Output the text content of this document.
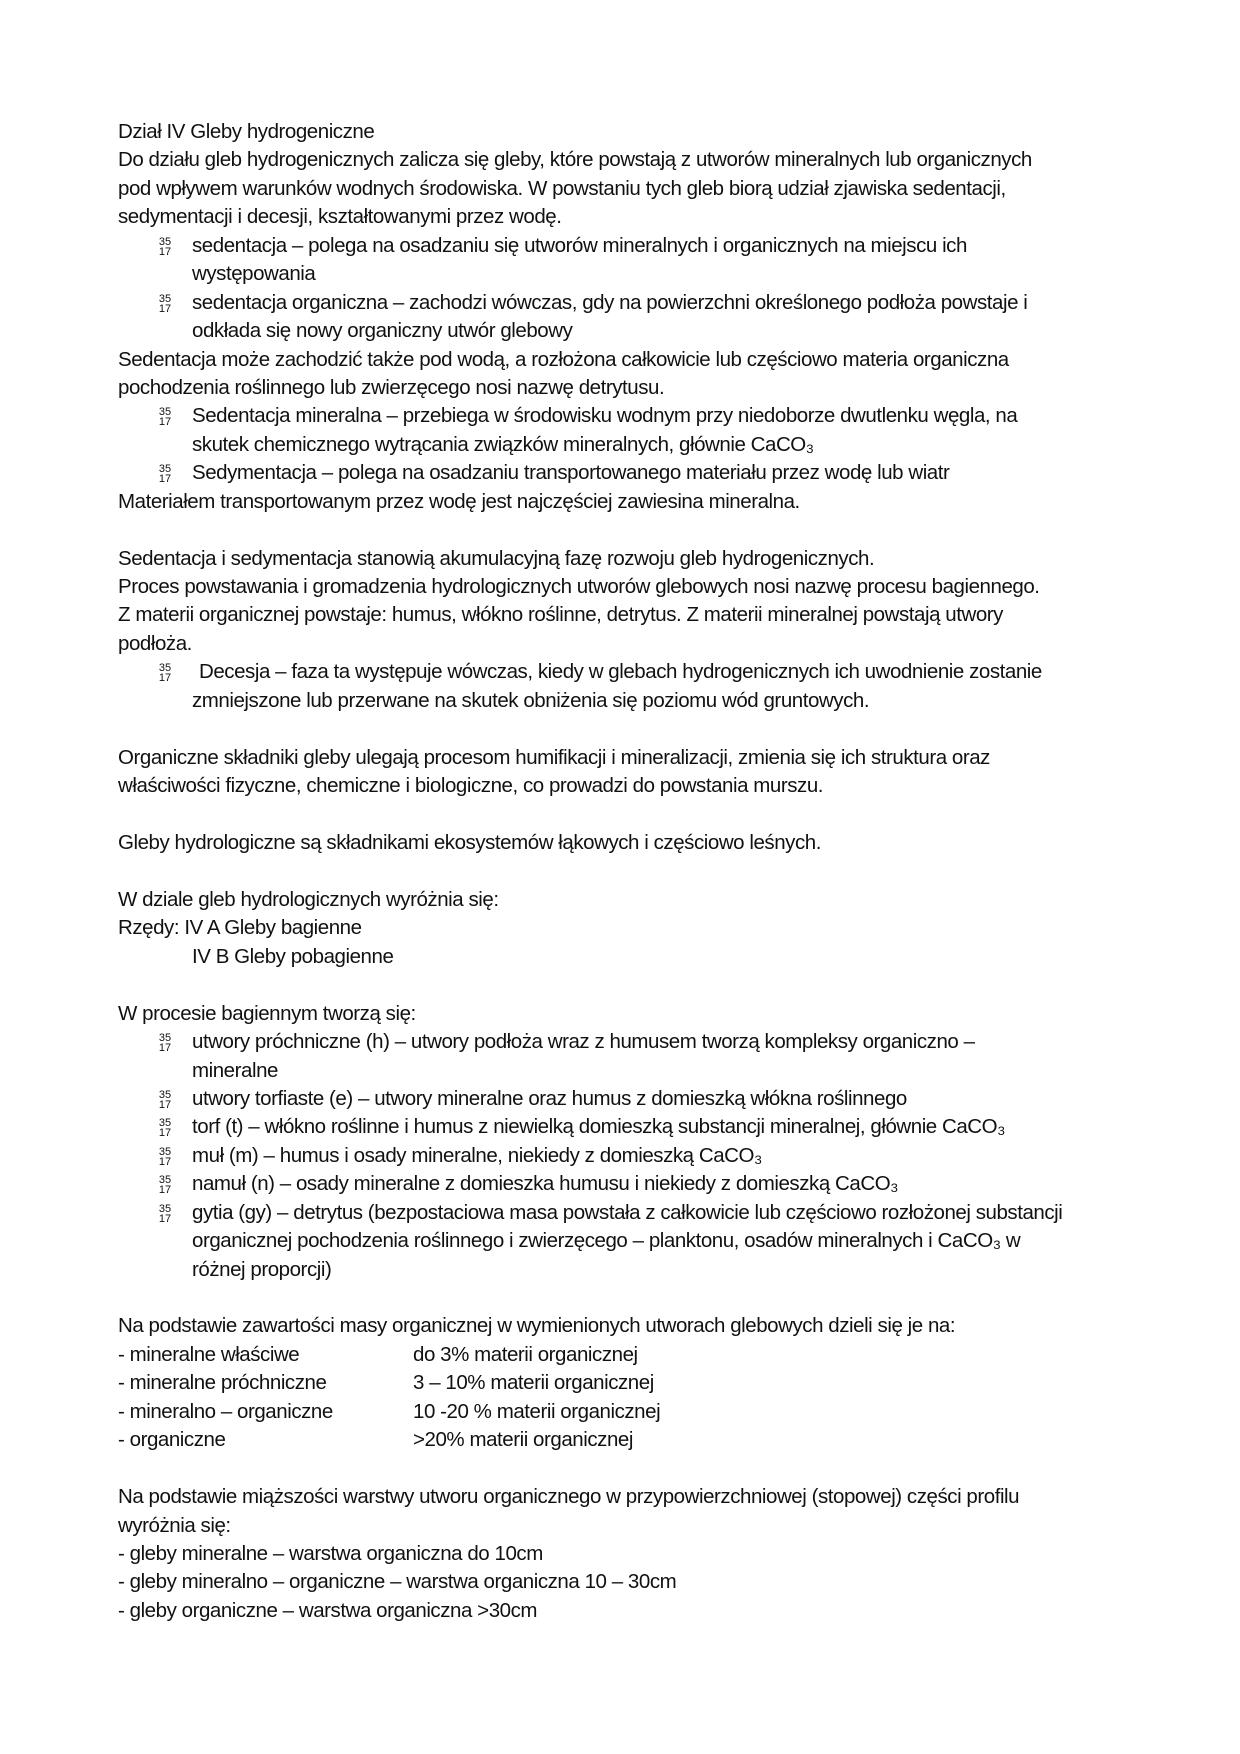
Dział IV Gleby hydrogeniczne
Do działu gleb hydrogenicznych zalicza się gleby, które powstają z utworów mineralnych lub organicznych
pod wpływem warunków wodnych środowiska. W powstaniu tych gleb biorą udział zjawiska sedentacji,
sedymentacji i decesji, kształtowanymi przez wodę.
35
17 sedentacja – polega na osadzaniu się utworów mineralnych i organicznych na miejscu ich
występowania
35
17 sedentacja organiczna – zachodzi wówczas, gdy na powierzchni określonego podłoża powstaje i
odkłada się nowy organiczny utwór glebowy
Sedentacja może zachodzić także pod wodą, a rozłożona całkowicie lub częściowo materia organiczna
pochodzenia roślinnego lub zwierzęcego nosi nazwę detrytusu.
35
17 Sedentacja mineralna – przebiega w środowisku wodnym przy niedoborze dwutlenku węgla, na
skutek chemicznego wytrącania związków mineralnych, głównie CaCO₃
35
17 Sedymentacja – polega na osadzaniu transportowanego materiału przez wodę lub wiatr
Materiałem transportowanym przez wodę jest najczęściej zawiesina mineralna.
Sedentacja i sedymentacja stanowią akumulacyjną fazę rozwoju gleb hydrogenicznych.
Proces powstawania i gromadzenia hydrologicznych utworów glebowych nosi nazwę procesu bagiennego.
Z materii organicznej powstaje: humus, włókno roślinne, detrytus. Z materii mineralnej powstają utwory
podłoża.
35
17 Decesja – faza ta występuje wówczas, kiedy w glebach hydrogenicznych ich uwodnienie zostanie
zmniejszone lub przerwane na skutek obniżenia się poziomu wód gruntowych.
Organiczne składniki gleby ulegają procesom humifikacji i mineralizacji, zmienia się ich struktura oraz
właściwości fizyczne, chemiczne i biologiczne, co prowadzi do powstania murszu.
Gleby hydrologiczne są składnikami ekosystemów łąkowych i częściowo leśnych.
W dziale gleb hydrologicznych wyróżnia się:
Rzędy: IV A Gleby bagienne
IV B Gleby pobagienne
W procesie bagiennym tworzą się:
35
17 utwory próchniczne (h) – utwory podłoża wraz z humusem tworzą kompleksy organiczno –
mineralne
35
17 utwory torfiaste (e) – utwory mineralne oraz humus z domieszką włókna roślinnego
35
17 torf (t) – włókno roślinne i humus z niewielką domieszką substancji mineralnej, głównie CaCO₃
35
17 muł (m) – humus i osady mineralne, niekiedy z domieszką CaCO₃
35
17 namuł (n) – osady mineralne z domieszka humusu i niekiedy z domieszką CaCO₃
35
17 gytia (gy) – detrytus (bezpostaciowa masa powstała z całkowicie lub częściowo rozłożonej substancji
organicznej pochodzenia roślinnego i zwierzęcego – planktonu, osadów mineralnych i CaCO₃ w
różnej proporcji)
Na podstawie zawartości masy organicznej w wymienionych utworach glebowych dzieli się je na:
- mineralne właściwe	do 3% materii organicznej
- mineralne próchniczne	3 – 10% materii organicznej
- mineralno – organiczne	10 -20 % materii organicznej
- organiczne	>20% materii organicznej
Na podstawie miąższości warstwy utworu organicznego w przypowierzchniowej (stopowej) części profilu
wyróżnia się:
- gleby mineralne – warstwa organiczna do 10cm
- gleby mineralno – organiczne – warstwa organiczna 10 – 30cm
- gleby organiczne – warstwa organiczna >30cm
